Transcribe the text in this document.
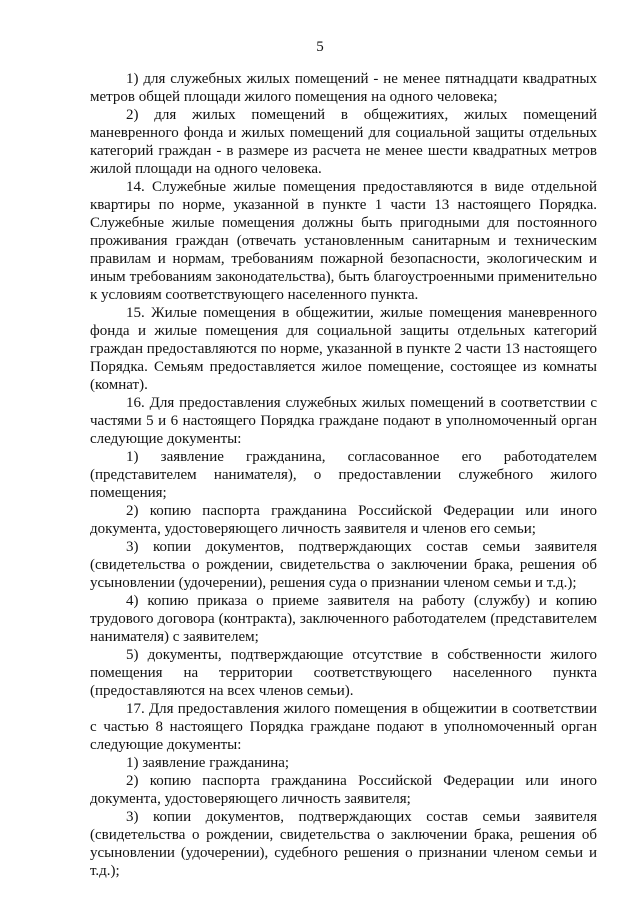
5

1) для служебных жилых помещений - не менее пятнадцати квадратных метров общей площади жилого помещения на одного человека;

2) для жилых помещений в общежитиях, жилых помещений маневренного фонда и жилых помещений для социальной защиты отдельных категорий граждан - в размере из расчета не менее шести квадратных метров жилой площади на одного человека.

14. Служебные жилые помещения предоставляются в виде отдельной квартиры по норме, указанной в пункте 1 части 13 настоящего Порядка. Служебные жилые помещения должны быть пригодными для постоянного проживания граждан (отвечать установленным санитарным и техническим правилам и нормам, требованиям пожарной безопасности, экологическим и иным требованиям законодательства), быть благоустроенными применительно к условиям соответствующего населенного пункта.

15. Жилые помещения в общежитии, жилые помещения маневренного фонда и жилые помещения для социальной защиты отдельных категорий граждан предоставляются по норме, указанной в пункте 2 части 13 настоящего Порядка. Семьям предоставляется жилое помещение, состоящее из комнаты (комнат).

16. Для предоставления служебных жилых помещений в соответствии с частями 5 и 6 настоящего Порядка граждане подают в уполномоченный орган следующие документы:

1) заявление гражданина, согласованное его работодателем (представителем нанимателя), о предоставлении служебного жилого помещения;

2) копию паспорта гражданина Российской Федерации или иного документа, удостоверяющего личность заявителя и членов его семьи;

3) копии документов, подтверждающих состав семьи заявителя (свидетельства о рождении, свидетельства о заключении брака, решения об усыновлении (удочерении), решения суда о признании членом семьи и т.д.);

4) копию приказа о приеме заявителя на работу (службу) и копию трудового договора (контракта), заключенного работодателем (представителем нанимателя) с заявителем;

5) документы, подтверждающие отсутствие в собственности жилого помещения на территории соответствующего населенного пункта (предоставляются на всех членов семьи).

17. Для предоставления жилого помещения в общежитии в соответствии с частью 8 настоящего Порядка граждане подают в уполномоченный орган следующие документы:

1) заявление гражданина;

2) копию паспорта гражданина Российской Федерации или иного документа, удостоверяющего личность заявителя;

3) копии документов, подтверждающих состав семьи заявителя (свидетельства о рождении, свидетельства о заключении брака, решения об усыновлении (удочерении), судебного решения о признании членом семьи и т.д.);
